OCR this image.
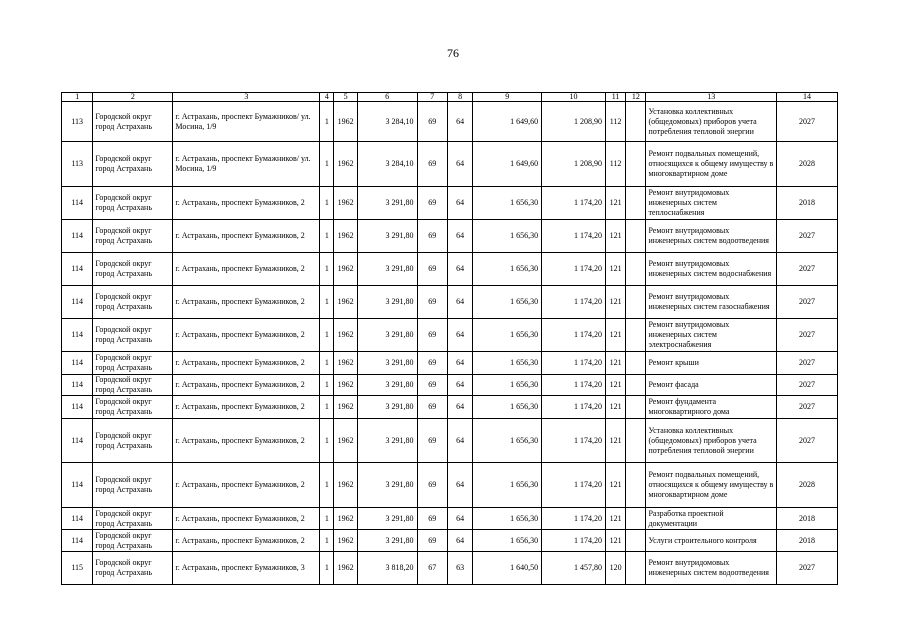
76
1	2	3	4	5	6	7	8	9	10	11	12	13	14
113	Городской округ город Астрахань	г. Астрахань, проспект Бумажников/ ул. Мосина, 1/9	1	1962	3 284,10	69	64	1 649,60	1 208,90	112		Установка коллективных (общедомовых) приборов учета потребления тепловой энергии	2027
113	Городской округ город Астрахань	г. Астрахань, проспект Бумажников/ ул. Мосина, 1/9	1	1962	3 284,10	69	64	1 649,60	1 208,90	112		Ремонт подвальных помещений, относящихся к общему имуществу в многоквартирном доме	2028
114	Городской округ город Астрахань	г. Астрахань, проспект Бумажников, 2	1	1962	3 291,80	69	64	1 656,30	1 174,20	121		Ремонт внутридомовых инженерных систем теплоснабжения	2018
114	Городской округ город Астрахань	г. Астрахань, проспект Бумажников, 2	1	1962	3 291,80	69	64	1 656,30	1 174,20	121		Ремонт внутридомовых инженерных систем водоотведения	2027
114	Городской округ город Астрахань	г. Астрахань, проспект Бумажников, 2	1	1962	3 291,80	69	64	1 656,30	1 174,20	121		Ремонт внутридомовых инженерных систем водоснабжения	2027
114	Городской округ город Астрахань	г. Астрахань, проспект Бумажников, 2	1	1962	3 291,80	69	64	1 656,30	1 174,20	121		Ремонт внутридомовых инженерных систем газоснабжения	2027
114	Городской округ город Астрахань	г. Астрахань, проспект Бумажников, 2	1	1962	3 291,80	69	64	1 656,30	1 174,20	121		Ремонт внутридомовых инженерных систем электроснабжения	2027
114	Городской округ город Астрахань	г. Астрахань, проспект Бумажников, 2	1	1962	3 291,80	69	64	1 656,30	1 174,20	121		Ремонт крыши	2027
114	Городской округ город Астрахань	г. Астрахань, проспект Бумажников, 2	1	1962	3 291,80	69	64	1 656,30	1 174,20	121		Ремонт фасада	2027
114	Городской округ город Астрахань	г. Астрахань, проспект Бумажников, 2	1	1962	3 291,80	69	64	1 656,30	1 174,20	121		Ремонт фундамента многоквартирного дома	2027
114	Городской округ город Астрахань	г. Астрахань, проспект Бумажников, 2	1	1962	3 291,80	69	64	1 656,30	1 174,20	121		Установка коллективных (общедомовых) приборов учета потребления тепловой энергии	2027
114	Городской округ город Астрахань	г. Астрахань, проспект Бумажников, 2	1	1962	3 291,80	69	64	1 656,30	1 174,20	121		Ремонт подвальных помещений, относящихся к общему имуществу в многоквартирном доме	2028
114	Городской округ город Астрахань	г. Астрахань, проспект Бумажников, 2	1	1962	3 291,80	69	64	1 656,30	1 174,20	121		Разработка проектной документации	2018
114	Городской округ город Астрахань	г. Астрахань, проспект Бумажников, 2	1	1962	3 291,80	69	64	1 656,30	1 174,20	121		Услуги строительного контроля	2018
115	Городской округ город Астрахань	г. Астрахань, проспект Бумажников, 3	1	1962	3 818,20	67	63	1 640,50	1 457,80	120		Ремонт внутридомовых инженерных систем водоотведения	2027
